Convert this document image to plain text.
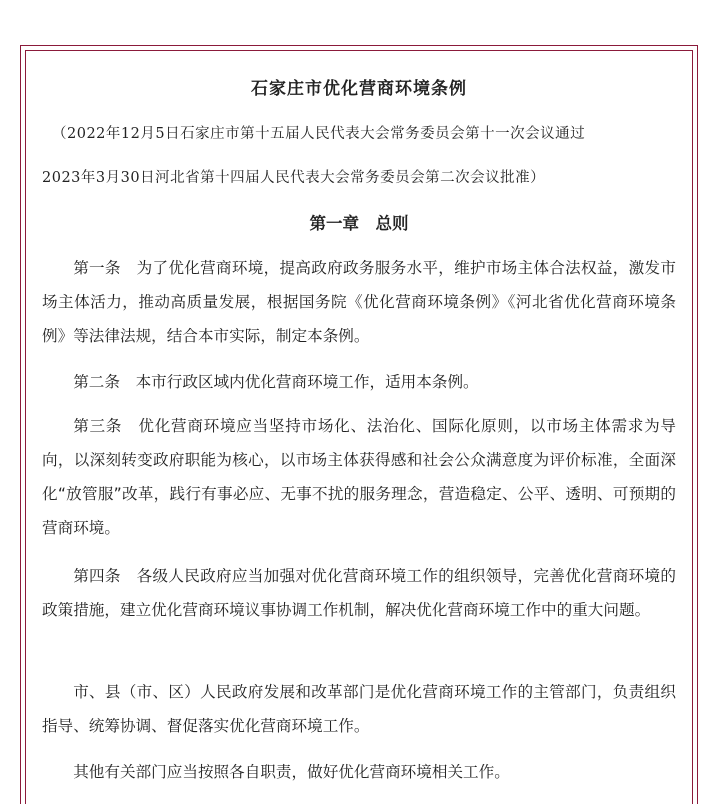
石家庄市优化营商环境条例

（2022年12月5日石家庄市第十五届人民代表大会常务委员会第十一次会议通过

2023年3月30日河北省第十四届人民代表大会常务委员会第二次会议批准）

第一章　总则

第一条　为了优化营商环境，提高政府政务服务水平，维护市场主体合法权益，激发市场主体活力，推动高质量发展，根据国务院《优化营商环境条例》《河北省优化营商环境条例》等法律法规，结合本市实际，制定本条例。

第二条　本市行政区域内优化营商环境工作，适用本条例。

第三条　优化营商环境应当坚持市场化、法治化、国际化原则，以市场主体需求为导向，以深刻转变政府职能为核心，以市场主体获得感和社会公众满意度为评价标准，全面深化“放管服”改革，践行有事必应、无事不扰的服务理念，营造稳定、公平、透明、可预期的营商环境。

第四条　各级人民政府应当加强对优化营商环境工作的组织领导，完善优化营商环境的政策措施，建立优化营商环境议事协调工作机制，解决优化营商环境工作中的重大问题。

市、县（市、区）人民政府发展和改革部门是优化营商环境工作的主管部门，负责组织指导、统筹协调、督促落实优化营商环境工作。

其他有关部门应当按照各自职责，做好优化营商环境相关工作。
